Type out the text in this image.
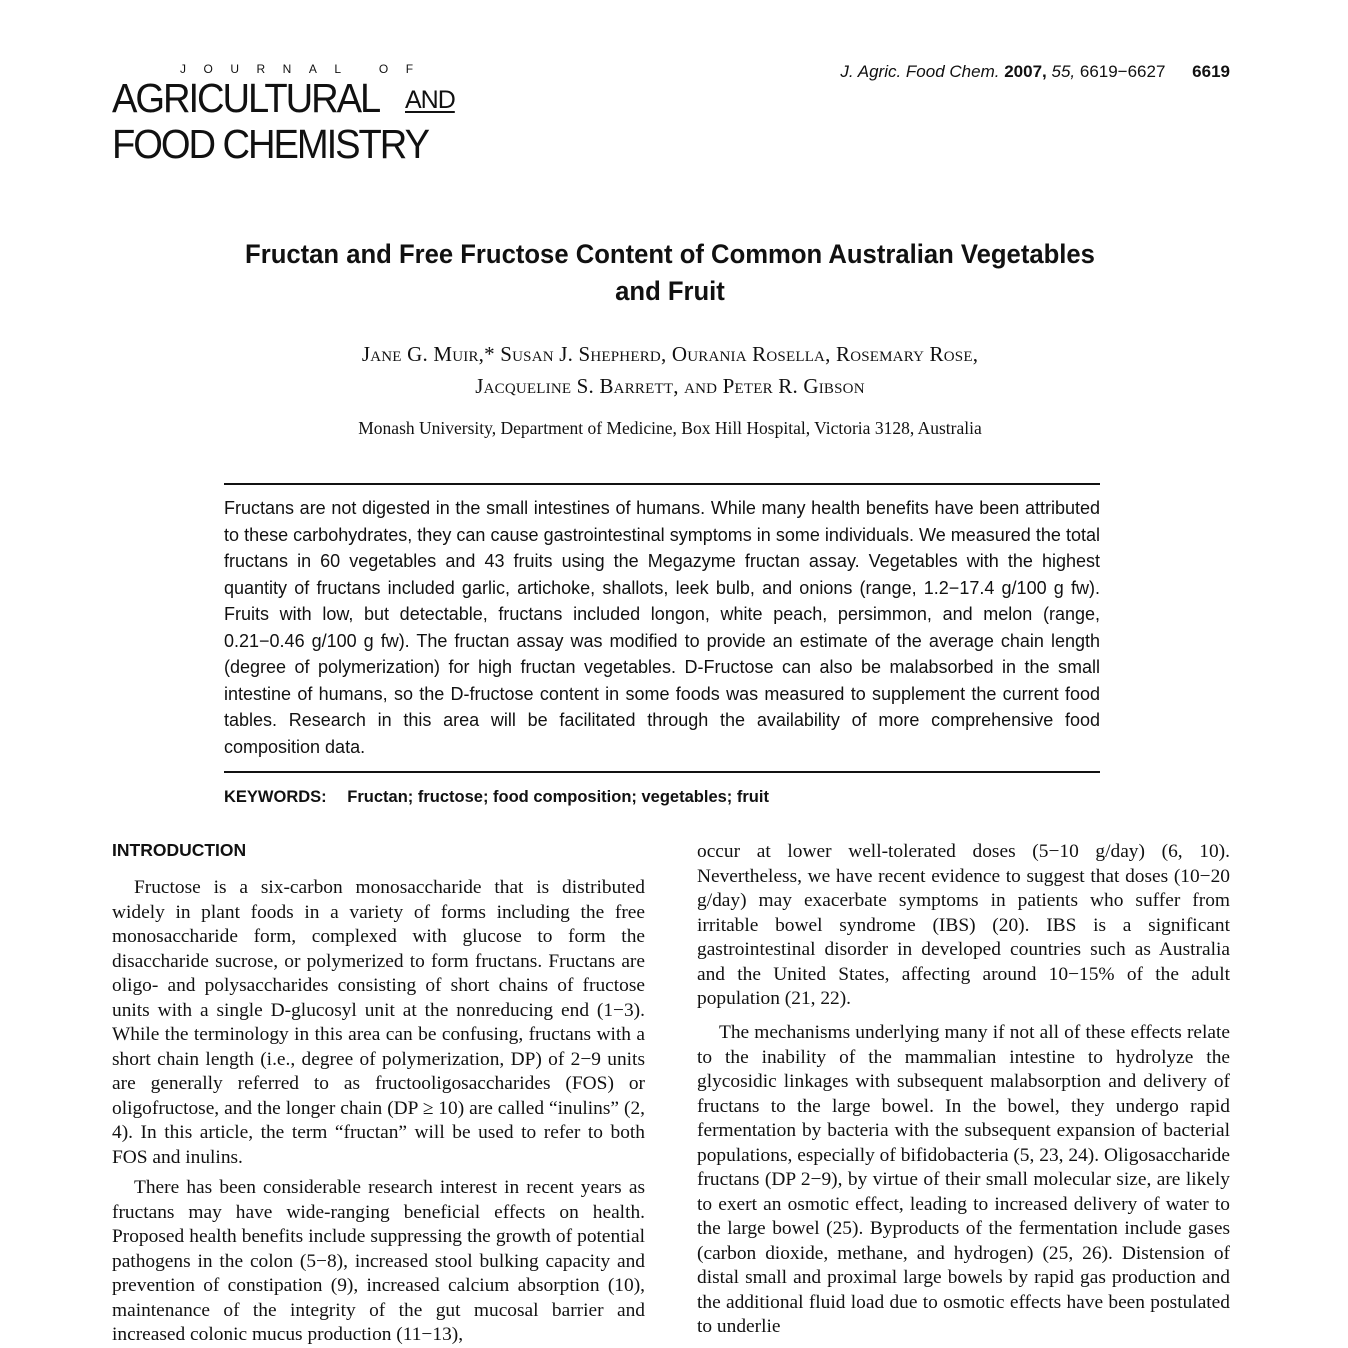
JOURNAL OF
AGRICULTURAL AND
FOOD CHEMISTRY
J. Agric. Food Chem. 2007, 55, 6619−6627 6619
Fructan and Free Fructose Content of Common Australian Vegetables and Fruit
Jane G. Muir,* Susan J. Shepherd, Ourania Rosella, Rosemary Rose,
Jacqueline S. Barrett, and Peter R. Gibson
Monash University, Department of Medicine, Box Hill Hospital, Victoria 3128, Australia

Fructans are not digested in the small intestines of humans. While many health benefits have been attributed to these carbohydrates, they can cause gastrointestinal symptoms in some individuals. We measured the total fructans in 60 vegetables and 43 fruits using the Megazyme fructan assay. Vegetables with the highest quantity of fructans included garlic, artichoke, shallots, leek bulb, and onions (range, 1.2−17.4 g/100 g fw). Fruits with low, but detectable, fructans included longon, white peach, persimmon, and melon (range, 0.21−0.46 g/100 g fw). The fructan assay was modified to provide an estimate of the average chain length (degree of polymerization) for high fructan vegetables. D-Fructose can also be malabsorbed in the small intestine of humans, so the D-fructose content in some foods was measured to supplement the current food tables. Research in this area will be facilitated through the availability of more comprehensive food composition data.

KEYWORDS: Fructan; fructose; food composition; vegetables; fruit
INTRODUCTION

Fructose is a six-carbon monosaccharide that is distributed widely in plant foods in a variety of forms including the free monosaccharide form, complexed with glucose to form the disaccharide sucrose, or polymerized to form fructans. Fructans are oligo- and polysaccharides consisting of short chains of fructose units with a single D-glucosyl unit at the nonreducing end (1−3). While the terminology in this area can be confusing, fructans with a short chain length (i.e., degree of polymerization, DP) of 2−9 units are generally referred to as fructooligosaccharides (FOS) or oligofructose, and the longer chain (DP ≥ 10) are called “inulins” (2, 4). In this article, the term “fructan” will be used to refer to both FOS and inulins.

There has been considerable research interest in recent years as fructans may have wide-ranging beneficial effects on health. Proposed health benefits include suppressing the growth of potential pathogens in the colon (5−8), increased stool bulking capacity and prevention of constipation (9), increased calcium absorption (10), maintenance of the integrity of the gut mucosal barrier and increased colonic mucus production (11−13),

occur at lower well-tolerated doses (5−10 g/day) (6, 10). Nevertheless, we have recent evidence to suggest that doses (10−20 g/day) may exacerbate symptoms in patients who suffer from irritable bowel syndrome (IBS) (20). IBS is a significant gastrointestinal disorder in developed countries such as Australia and the United States, affecting around 10−15% of the adult population (21, 22).

The mechanisms underlying many if not all of these effects relate to the inability of the mammalian intestine to hydrolyze the glycosidic linkages with subsequent malabsorption and delivery of fructans to the large bowel. In the bowel, they undergo rapid fermentation by bacteria with the subsequent expansion of bacterial populations, especially of bifidobacteria (5, 23, 24). Oligosaccharide fructans (DP 2−9), by virtue of their small molecular size, are likely to exert an osmotic effect, leading to increased delivery of water to the large bowel (25). Byproducts of the fermentation include gases (carbon dioxide, methane, and hydrogen) (25, 26). Distension of distal small and proximal large bowels by rapid gas production and the additional fluid load due to osmotic effects have been postulated to underlie
